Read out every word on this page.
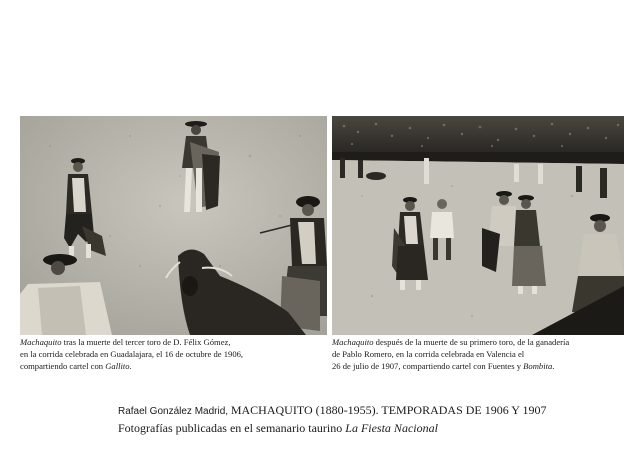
Machaquito tras la muerte del tercer toro de D. Félix Gómez,
en la corrida celebrada en Guadalajara, el 16 de octubre de 1906,
compartiendo cartel con Gallito.
Machaquito después de la muerte de su primero toro, de la ganadería
de Pablo Romero, en la corrida celebrada en Valencia el
26 de julio de 1907, compartiendo cartel con Fuentes y Bombita.
Rafael González Madrid, MACHAQUITO (1880-1955). TEMPORADAS DE 1906 Y 1907
Fotografías publicadas en el semanario taurino La Fiesta Nacional
